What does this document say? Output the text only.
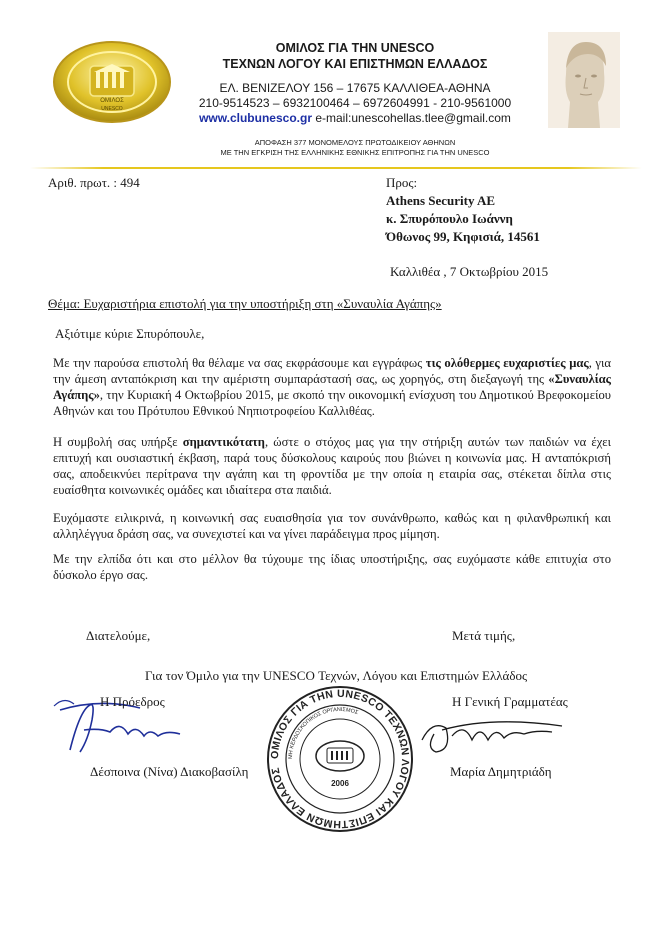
ΟΜΙΛΟΣ
UNESCO
ΟΜΙΛΟΣ ΓΙΑ ΤΗΝ UNESCO
ΤΕΧΝΩΝ ΛΟΓΟΥ ΚΑΙ ΕΠΙΣΤΗΜΩΝ ΕΛΛΑΔΟΣ
ΕΛ. ΒΕΝΙΖΕΛΟΥ 156 – 17675 ΚΑΛΛΙΘΕΑ-ΑΘΗΝΑ
210-9514523 – 6932100464 – 6972604991 - 210-9561000
www.clubunesco.gr e-mail:unescohellas.tlee@gmail.com
ΑΠΟΦΑΣΗ 377 ΜΟΝΟΜΕΛΟΥΣ ΠΡΩΤΟΔΙΚΕΙΟΥ ΑΘΗΝΩΝ
ΜΕ ΤΗΝ ΕΓΚΡΙΣΗ ΤΗΣ ΕΛΛΗΝΙΚΗΣ ΕΘΝΙΚΗΣ ΕΠΙΤΡΟΠΗΣ ΓΙΑ ΤΗΝ UNESCO
Αριθ. πρωτ. : 494	Προς:
Athens Security AE
κ. Σπυρόπουλο Ιωάννη
Όθωνος 99, Κηφισιά, 14561
Καλλιθέα , 7 Οκτωβρίου 2015
Θέμα: Ευχαριστήρια επιστολή για την υποστήριξη στη «Συναυλία Αγάπης»
Αξιότιμε κύριε Σπυρόπουλε,
Με την παρούσα επιστολή θα θέλαμε να σας εκφράσουμε και εγγράφως τις ολόθερμες ευχαριστίες μας, για την άμεση ανταπόκριση και την αμέριστη συμπαράστασή σας, ως χορηγός, στη διεξαγωγή της «Συναυλίας Αγάπης», την Κυριακή 4 Οκτωβρίου 2015, με σκοπό την οικονομική ενίσχυση του Δημοτικού Βρεφοκομείου Αθηνών και του Πρότυπου Εθνικού Νηπιοτροφείου Καλλιθέας.
Η συμβολή σας υπήρξε σημαντικότατη, ώστε ο στόχος μας για την στήριξη αυτών των παιδιών να έχει επιτυχή και ουσιαστική έκβαση, παρά τους δύσκολους καιρούς που βιώνει η κοινωνία μας. Η ανταπόκρισή σας, αποδεικνύει περίτρανα την αγάπη και τη φροντίδα με την οποία η εταιρία σας, στέκεται δίπλα στις ευαίσθητα κοινωνικές ομάδες και ιδιαίτερα στα παιδιά.
Ευχόμαστε ειλικρινά, η κοινωνική σας ευαισθησία για τον συνάνθρωπο, καθώς και η φιλανθρωπική και αλληλέγγυα δράση σας, να συνεχιστεί και να γίνει παράδειγμα προς μίμηση.
Με την ελπίδα ότι και στο μέλλον θα τύχουμε της ίδιας υποστήριξης, σας ευχόμαστε κάθε επιτυχία στο δύσκολο έργο σας.
Διατελούμε,	Μετά τιμής,
Για τον Όμιλο για την UNESCO Τεχνών, Λόγου και Επιστημών Ελλάδος
Η Πρόεδρος	Η Γενική Γραμματέας
Δέσποινα (Νίνα) Διακοβασίλη	Μαρία Δημητριάδη
ΟΜΙΛΟΣ ΓΙΑ ΤΗΝ UNESCO ΤΕΧΝΩΝ ΛΟΓΟΥ ΚΑΙ ΕΠΙΣΤΗΜΩΝ ΕΛΛΑΔΟΣ
ΜΗ ΚΕΡΔΟΣΚΟΠΙΚΟΣ ΟΡΓΑΝΙΣΜΟΣ
2006
